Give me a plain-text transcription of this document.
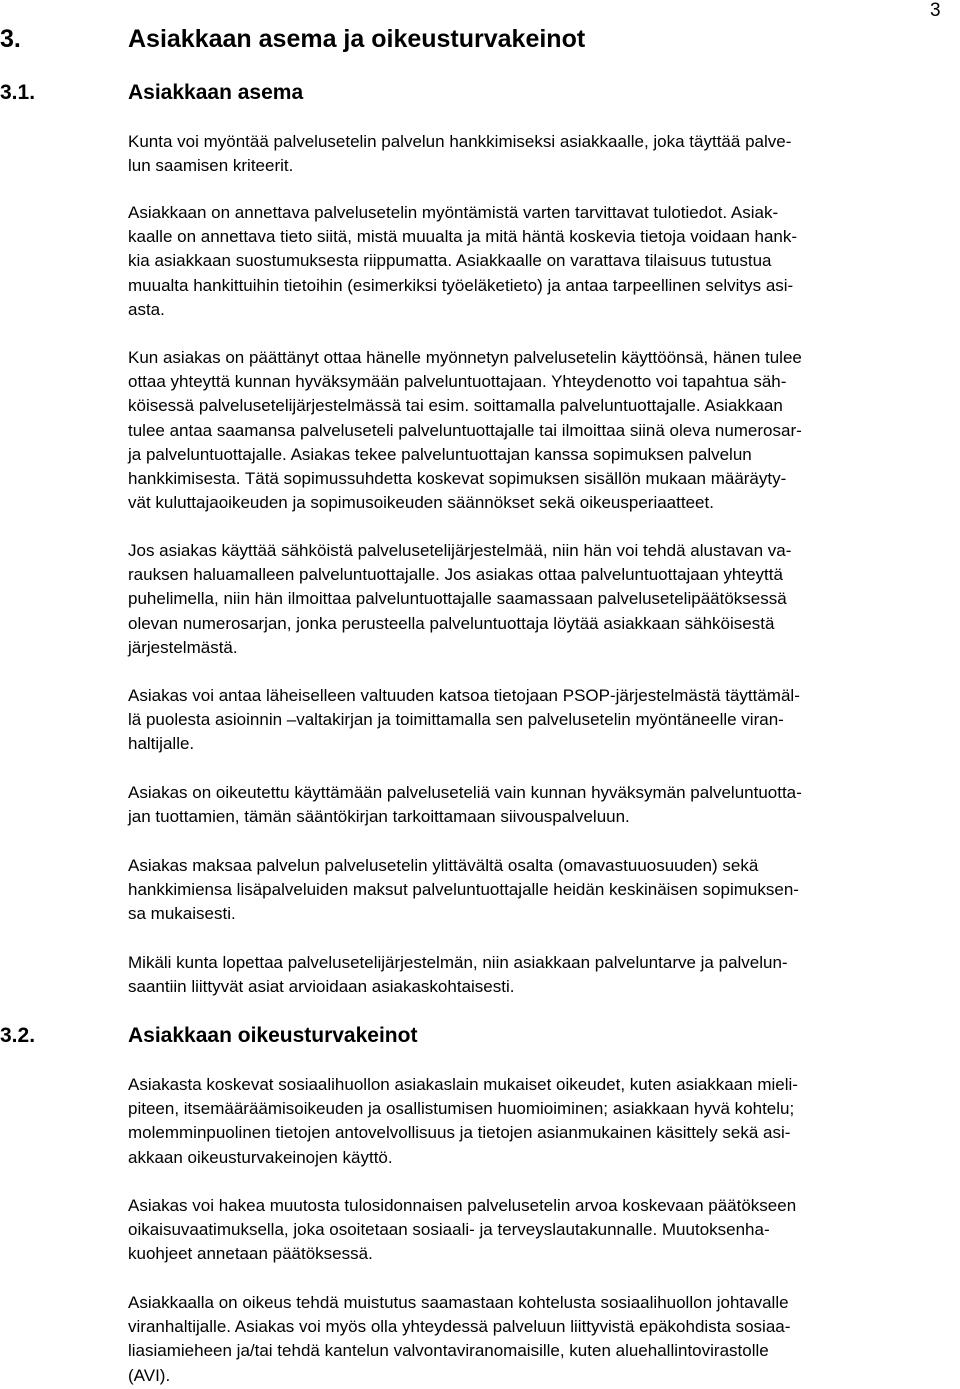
3
3.	Asiakkaan asema ja oikeusturvakeinot
3.1.	Asiakkaan asema

Kunta voi myöntää palvelusetelin palvelun hankkimiseksi asiakkaalle, joka täyttää palve-
lun saamisen kriteerit.

Asiakkaan on annettava palvelusetelin myöntämistä varten tarvittavat tulotiedot. Asiak-
kaalle on annettava tieto siitä, mistä muualta ja mitä häntä koskevia tietoja voidaan hank-
kia asiakkaan suostumuksesta riippumatta. Asiakkaalle on varattava tilaisuus tutustua
muualta hankittuihin tietoihin (esimerkiksi työeläketieto) ja antaa tarpeellinen selvitys asi-
asta.

Kun asiakas on päättänyt ottaa hänelle myönnetyn palvelusetelin käyttöönsä, hänen tulee
ottaa yhteyttä kunnan hyväksymään palveluntuottajaan. Yhteydenotto voi tapahtua säh-
köisessä palvelusetelijärjestelmässä tai esim. soittamalla palveluntuottajalle. Asiakkaan
tulee antaa saamansa palveluseteli palveluntuottajalle tai ilmoittaa siinä oleva numerosar-
ja palveluntuottajalle. Asiakas tekee palveluntuottajan kanssa sopimuksen palvelun
hankkimisesta. Tätä sopimussuhdetta koskevat sopimuksen sisällön mukaan määräyty-
vät kuluttajaoikeuden ja sopimusoikeuden säännökset sekä oikeusperiaatteet.

Jos asiakas käyttää sähköistä palvelusetelijärjestelmää, niin hän voi tehdä alustavan va-
rauksen haluamalleen palveluntuottajalle. Jos asiakas ottaa palveluntuottajaan yhteyttä
puhelimella, niin hän ilmoittaa palveluntuottajalle saamassaan palvelusetelipäätöksessä
olevan numerosarjan, jonka perusteella palveluntuottaja löytää asiakkaan sähköisestä
järjestelmästä.

Asiakas voi antaa läheiselleen valtuuden katsoa tietojaan PSOP-järjestelmästä täyttämäl-
lä puolesta asioinnin –valtakirjan ja toimittamalla sen palvelusetelin myöntäneelle viran-
haltijalle.

Asiakas on oikeutettu käyttämään palveluseteliä vain kunnan hyväksymän palveluntuotta-
jan tuottamien, tämän sääntökirjan tarkoittamaan siivouspalveluun.

Asiakas maksaa palvelun palvelusetelin ylittävältä osalta (omavastuuosuuden) sekä
hankkimiensa lisäpalveluiden maksut palveluntuottajalle heidän keskinäisen sopimuksen-
sa mukaisesti.

Mikäli kunta lopettaa palvelusetelijärjestelmän, niin asiakkaan palveluntarve ja palvelun-
saantiin liittyvät asiat arvioidaan asiakaskohtaisesti.

3.2.	Asiakkaan oikeusturvakeinot

Asiakasta koskevat sosiaalihuollon asiakaslain mukaiset oikeudet, kuten asiakkaan mieli-
piteen, itsemääräämisoikeuden ja osallistumisen huomioiminen; asiakkaan hyvä kohtelu;
molemminpuolinen tietojen antovelvollisuus ja tietojen asianmukainen käsittely sekä asi-
akkaan oikeusturvakeinojen käyttö.

Asiakas voi hakea muutosta tulosidonnaisen palvelusetelin arvoa koskevaan päätökseen
oikaisuvaatimuksella, joka osoitetaan sosiaali- ja terveyslautakunnalle. Muutoksenha-
kuohjeet annetaan päätöksessä.

Asiakkaalla on oikeus tehdä muistutus saamastaan kohtelusta sosiaalihuollon johtavalle
viranhaltijalle. Asiakas voi myös olla yhteydessä palveluun liittyvistä epäkohdista sosiaa-
liasiamieheen ja/tai tehdä kantelun valvontaviranomaisille, kuten aluehallintovirastolle
(AVI).
